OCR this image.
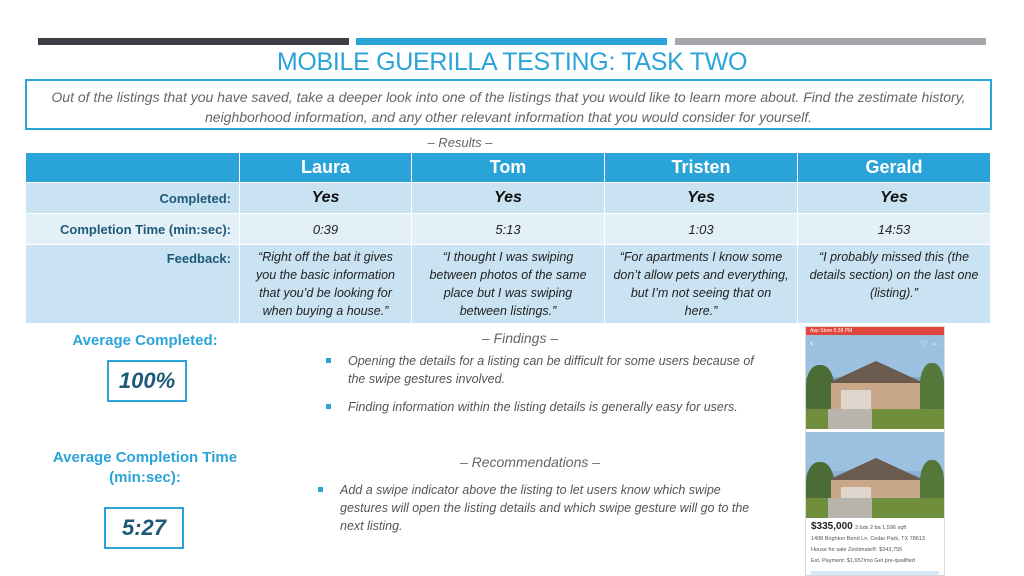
MOBILE GUERILLA TESTING: TASK TWO
Out of the listings that you have saved, take a deeper look into one of the listings that you would like to learn more about. Find the zestimate history, neighborhood information, and any other relevant information that you would consider for yourself.
– Results –
	Laura	Tom	Tristen	Gerald
Completed:	Yes	Yes	Yes	Yes
Completion Time (min:sec):	0:39	5:13	1:03	14:53
Feedback:	“Right off the bat it gives you the basic information that you’d be looking for when buying a house.”	“I thought I was swiping between photos of the same place but I was swiping between listings.”	“For apartments I know some don’t allow pets and everything, but I’m not seeing that on here.”	“I probably missed this (the details section) on the last one (listing).”
Average Completed:
100%
Average Completion Time (min:sec):
5:27
– Findings –
Opening the details for a listing can be difficult for some users because of the swipe gestures involved.
Finding information within the listing details is generally easy for users.
– Recommendations –
Add a swipe indicator above the listing to let users know which swipe gestures will open the listing details and which swipe gesture will go to the next listing.
App Store 5:38 PM
‹	♡ ⋯
$335,000 3 bds 2 ba 1,596 sqft
1408 Brighton Bend Ln, Cedar Park, TX 78613
House for sale Zestimate®: $343,755
Est. Payment: $1,657/mo Get pre-qualified
